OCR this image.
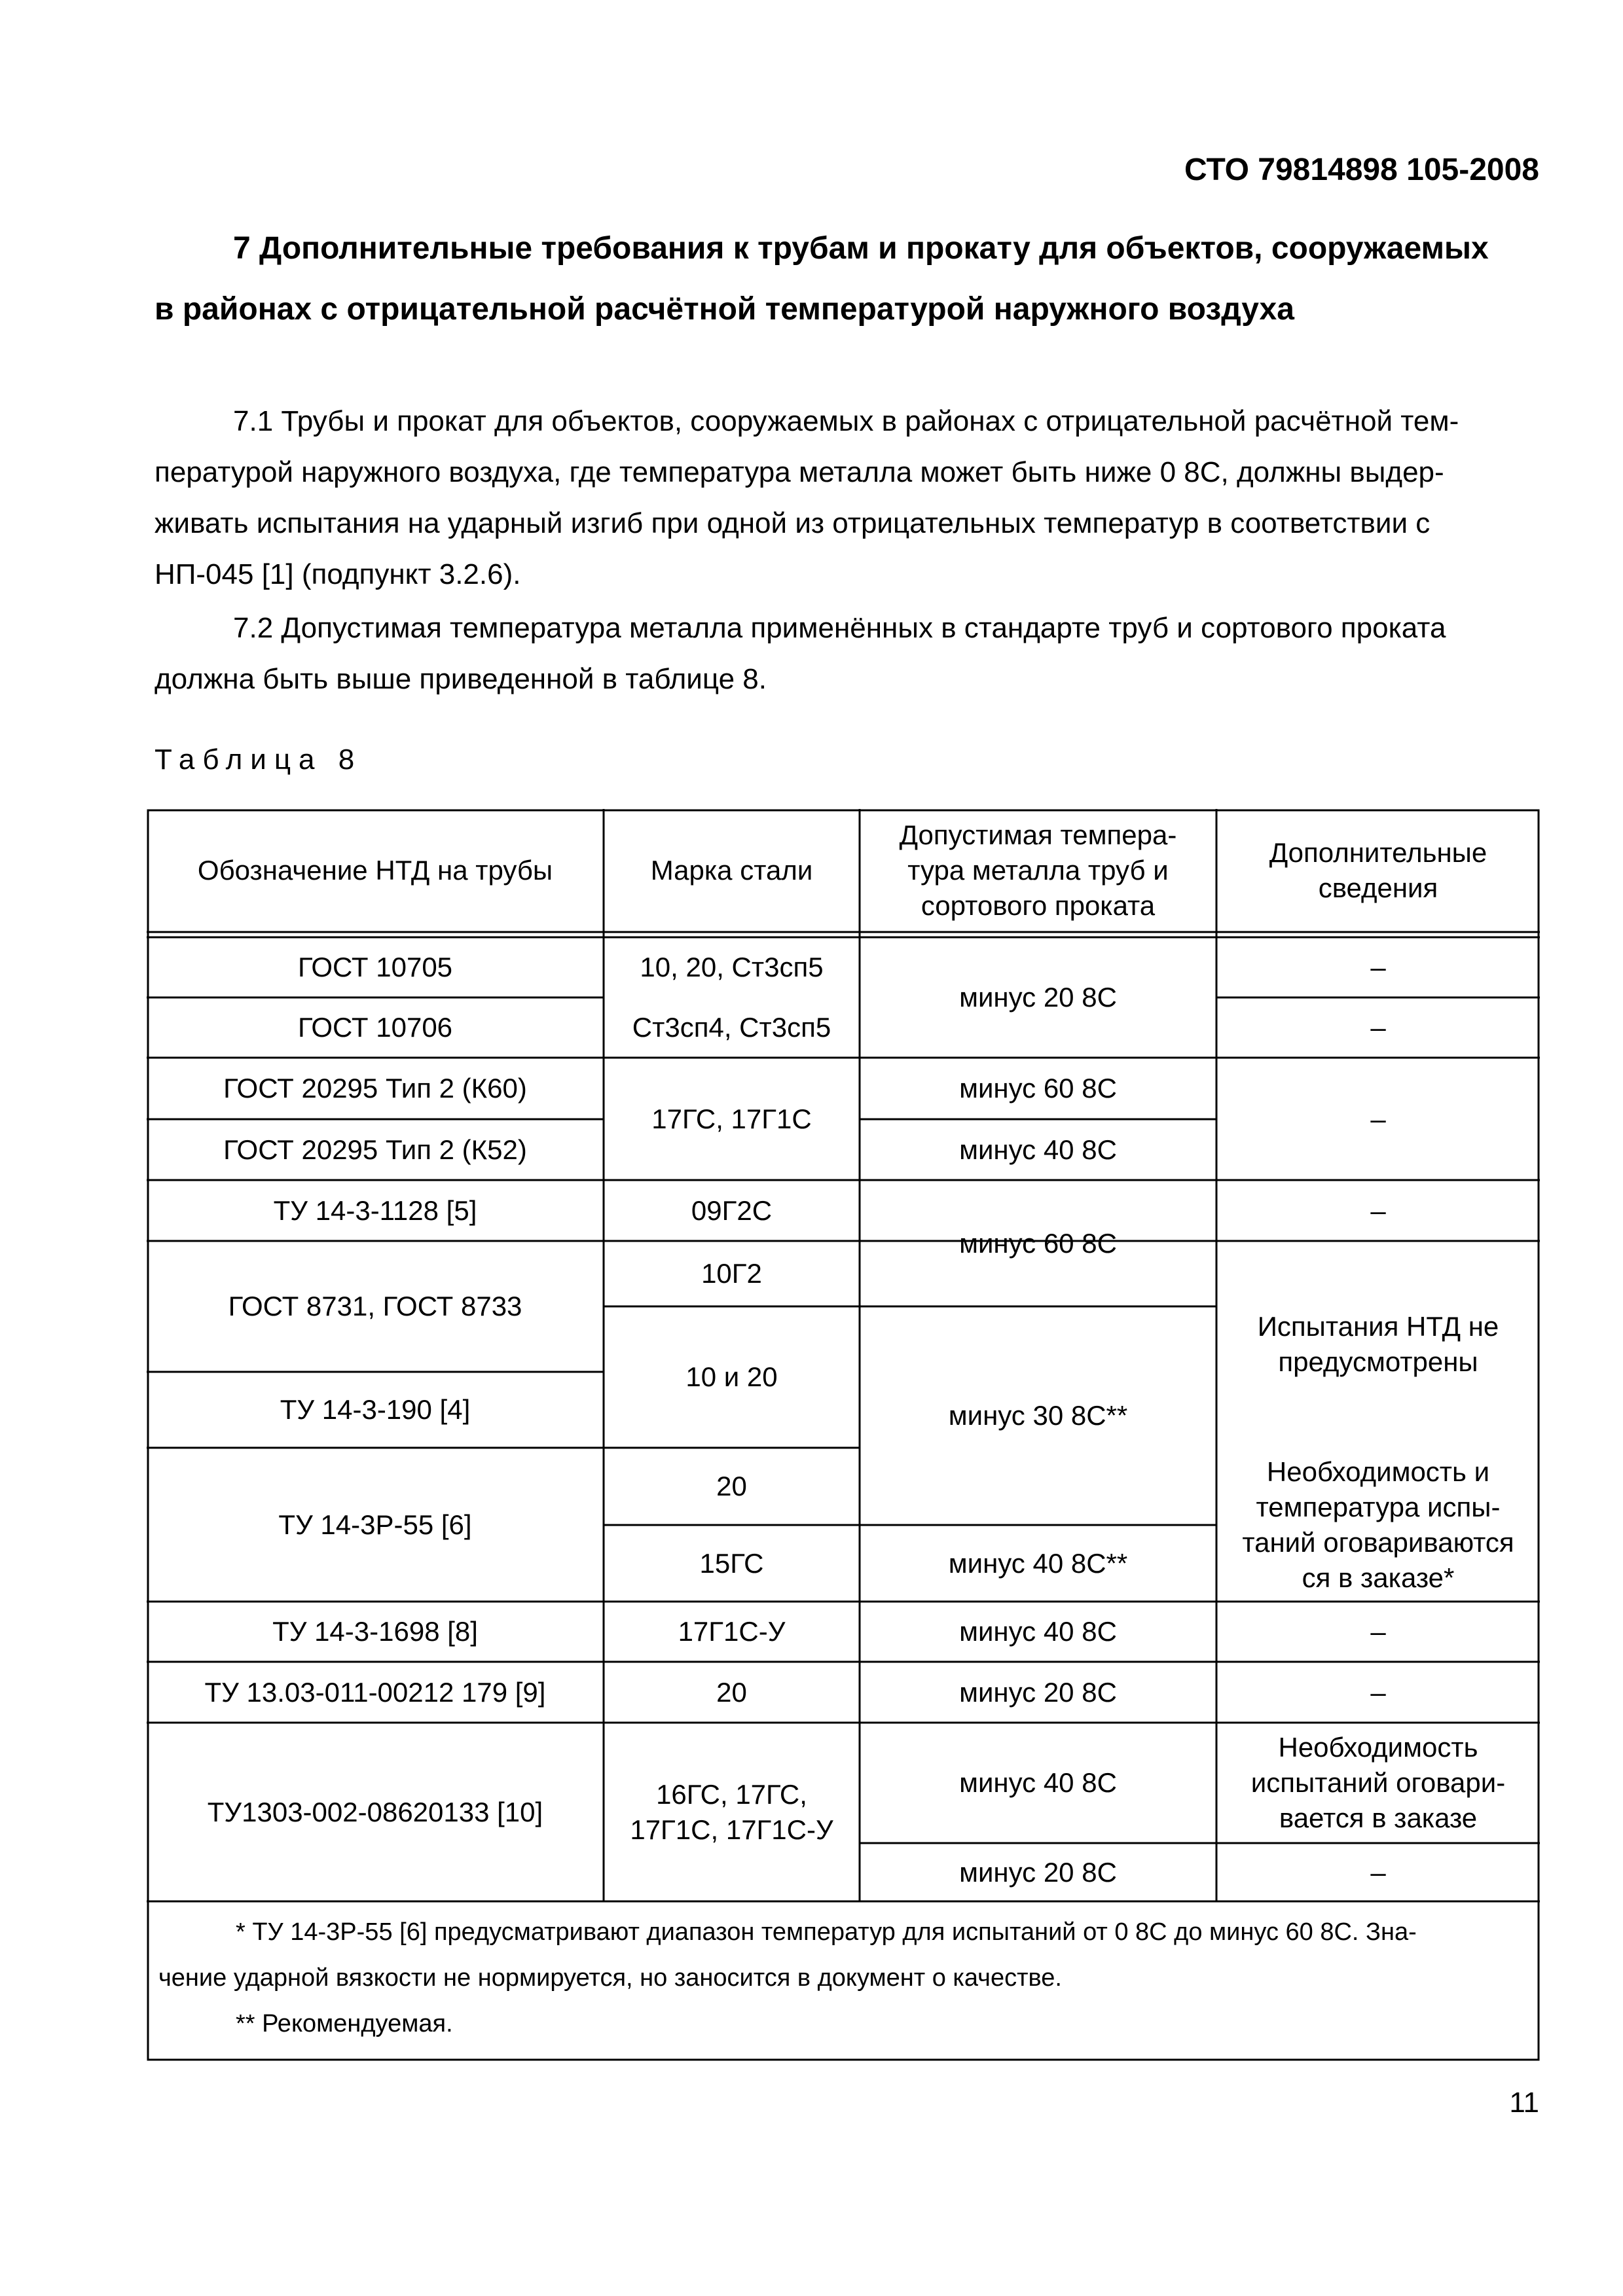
СТО 79814898 105-2008
7 Дополнительные требования к трубам и прокату для объектов, сооружаемых
в районах с отрицательной расчётной температурой наружного воздуха
7.1 Трубы и прокат для объектов, сооружаемых в районах с отрицательной расчётной тем-
пературой наружного воздуха, где температура металла может быть ниже 0 8С, должны выдер-
живать испытания на ударный изгиб при одной из отрицательных температур в соответствии с
НП-045 [1] (подпункт 3.2.6).
7.2 Допустимая температура металла применённых в стандарте труб и сортового проката
должна быть выше приведенной в таблице 8.
Таблица 8
Обозначение НТД на трубы	Марка стали
Допустимая темпера-
тура металла труб и
сортового проката
Дополнительные
сведения
ГОСТ 10705
ГОСТ 10706
ГОСТ 20295 Тип 2 (К60)
ГОСТ 20295 Тип 2 (К52)
ТУ 14-3-1128 [5]
ГОСТ 8731, ГОСТ 8733
ТУ 14-3-190 [4]
ТУ 14-3Р-55 [6]
ТУ 14-3-1698 [8]
ТУ 13.03-011-00212 179 [9]
ТУ1303-002-08620133 [10]
10, 20, Ст3сп5
Ст3сп4, Ст3сп5
17ГС, 17Г1С
09Г2С
10Г2
10 и 20
20
15ГС
17Г1С-У
20
16ГС, 17ГС,
17Г1С, 17Г1С-У
минус 20 8С
минус 60 8С
минус 40 8С
минус 60 8С
минус 30 8С**
минус 40 8С**
минус 40 8С
минус 20 8С
минус 40 8С
минус 20 8С
–
–
–
–
Испытания НТД не
предусмотрены
Необходимость и
температура испы-
таний оговариваются
ся в заказе*
–
–
Необходимость
испытаний оговари-
вается в заказе
–
* ТУ 14-3Р-55 [6] предусматривают диапазон температур для испытаний от 0 8С до минус 60 8С. Зна-
чение ударной вязкости не нормируется, но заносится в документ о качестве.
** Рекомендуемая.
11
